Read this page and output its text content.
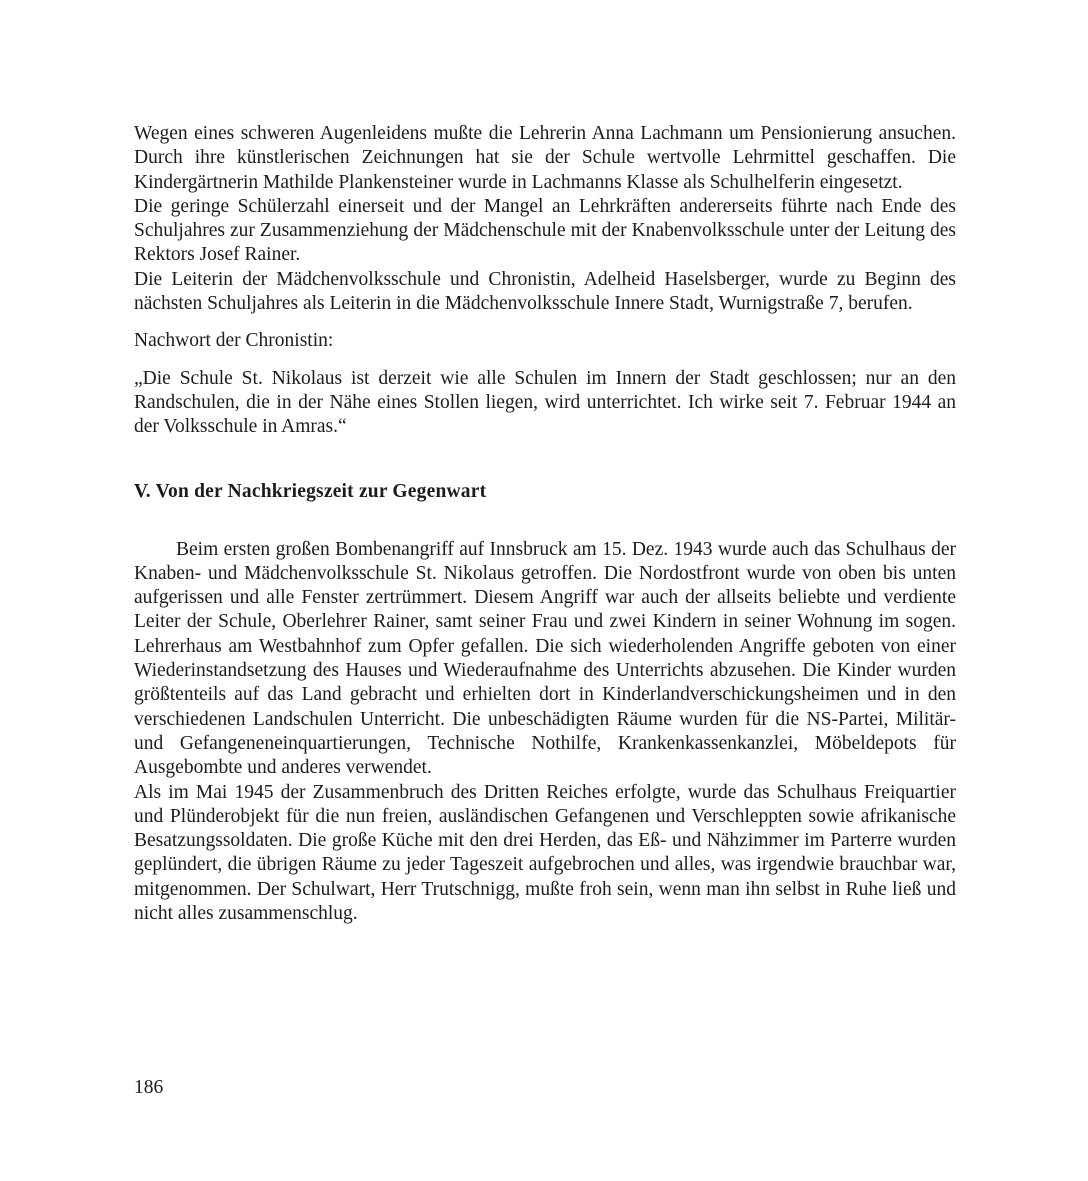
Wegen eines schweren Augenleidens mußte die Lehrerin Anna Lachmann um Pensionierung ansuchen. Durch ihre künstlerischen Zeichnungen hat sie der Schule wertvolle Lehrmittel geschaffen. Die Kindergärtnerin Mathilde Plankensteiner wurde in Lachmanns Klasse als Schulhelferin eingesetzt.

Die geringe Schülerzahl einerseit und der Mangel an Lehrkräften andererseits führte nach Ende des Schuljahres zur Zusammenziehung der Mädchenschule mit der Knabenvolksschule unter der Leitung des Rektors Josef Rainer.

Die Leiterin der Mädchenvolksschule und Chronistin, Adelheid Haselsberger, wurde zu Beginn des nächsten Schuljahres als Leiterin in die Mädchenvolksschule Innere Stadt, Wurnigstraße 7, berufen.

Nachwort der Chronistin:

„Die Schule St. Nikolaus ist derzeit wie alle Schulen im Innern der Stadt geschlossen; nur an den Randschulen, die in der Nähe eines Stollen liegen, wird unterrichtet. Ich wirke seit 7. Februar 1944 an der Volksschule in Amras.“

V. Von der Nachkriegszeit zur Gegenwart

Beim ersten großen Bombenangriff auf Innsbruck am 15. Dez. 1943 wurde auch das Schulhaus der Knaben- und Mädchenvolksschule St. Nikolaus getroffen. Die Nordostfront wurde von oben bis unten aufgerissen und alle Fenster zertrümmert. Diesem Angriff war auch der allseits beliebte und verdiente Leiter der Schule, Oberlehrer Rainer, samt seiner Frau und zwei Kindern in seiner Wohnung im sogen. Lehrerhaus am Westbahnhof zum Opfer gefallen. Die sich wiederholenden Angriffe geboten von einer Wiederinstandsetzung des Hauses und Wiederaufnahme des Unterrichts abzusehen. Die Kinder wurden größtenteils auf das Land gebracht und erhielten dort in Kinderlandverschickungsheimen und in den verschiedenen Landschulen Unterricht. Die unbeschädigten Räume wurden für die NS-Partei, Militär- und Gefangeneneinquartierungen, Technische Nothilfe, Krankenkassenkanzlei, Möbeldepots für Ausgebombte und anderes verwendet.

Als im Mai 1945 der Zusammenbruch des Dritten Reiches erfolgte, wurde das Schulhaus Freiquartier und Plünderobjekt für die nun freien, ausländischen Gefangenen und Verschleppten sowie afrikanische Besatzungssoldaten. Die große Küche mit den drei Herden, das Eß- und Nähzimmer im Parterre wurden geplündert, die übrigen Räume zu jeder Tageszeit aufgebrochen und alles, was irgendwie brauchbar war, mitgenommen. Der Schulwart, Herr Trutschnigg, mußte froh sein, wenn man ihn selbst in Ruhe ließ und nicht alles zusammenschlug.

186
